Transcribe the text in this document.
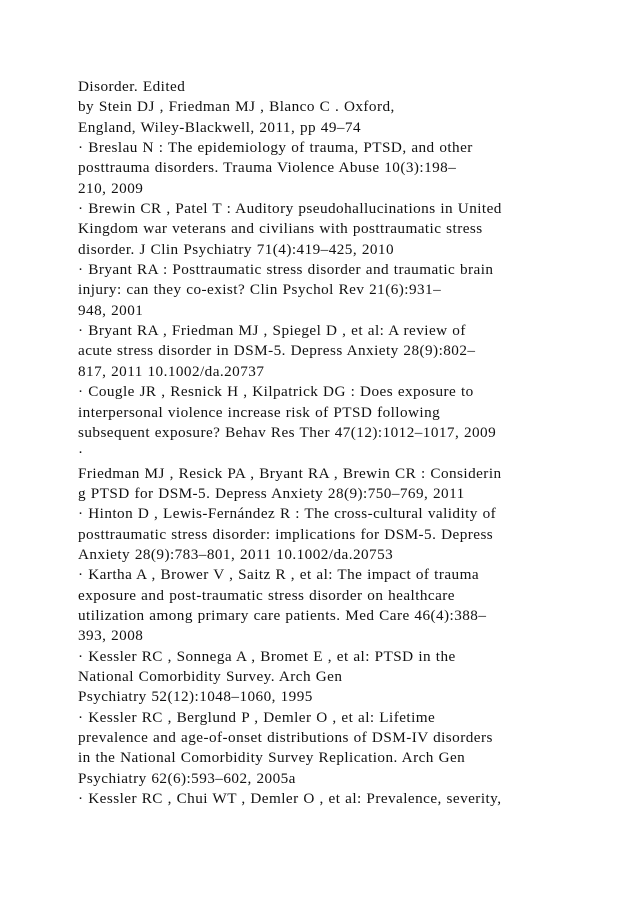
Disorder. Edited
by Stein DJ , Friedman MJ , Blanco C . Oxford,
England, Wiley-Blackwell, 2011, pp 49–74
· Breslau N : The epidemiology of trauma, PTSD, and other
posttrauma disorders. Trauma Violence Abuse 10(3):198–
210, 2009
· Brewin CR , Patel T : Auditory pseudohallucinations in United
Kingdom war veterans and civilians with posttraumatic stress
disorder. J Clin Psychiatry 71(4):419–425, 2010
· Bryant RA : Posttraumatic stress disorder and traumatic brain
injury: can they co-exist? Clin Psychol Rev 21(6):931–
948, 2001
· Bryant RA , Friedman MJ , Spiegel D , et al: A review of
acute stress disorder in DSM-5. Depress Anxiety 28(9):802–
817, 2011 10.1002/da.20737
· Cougle JR , Resnick H , Kilpatrick DG : Does exposure to
interpersonal violence increase risk of PTSD following
subsequent exposure? Behav Res Ther 47(12):1012–1017, 2009
·
Friedman MJ , Resick PA , Bryant RA , Brewin CR : Considerin
g PTSD for DSM-5. Depress Anxiety 28(9):750–769, 2011
· Hinton D , Lewis-Fernández R : The cross-cultural validity of
posttraumatic stress disorder: implications for DSM-5. Depress
Anxiety 28(9):783–801, 2011 10.1002/da.20753
· Kartha A , Brower V , Saitz R , et al: The impact of trauma
exposure and post-traumatic stress disorder on healthcare
utilization among primary care patients. Med Care 46(4):388–
393, 2008
· Kessler RC , Sonnega A , Bromet E , et al: PTSD in the
National Comorbidity Survey. Arch Gen
Psychiatry 52(12):1048–1060, 1995
· Kessler RC , Berglund P , Demler O , et al: Lifetime
prevalence and age-of-onset distributions of DSM-IV disorders
in the National Comorbidity Survey Replication. Arch Gen
Psychiatry 62(6):593–602, 2005a
· Kessler RC , Chui WT , Demler O , et al: Prevalence, severity,
